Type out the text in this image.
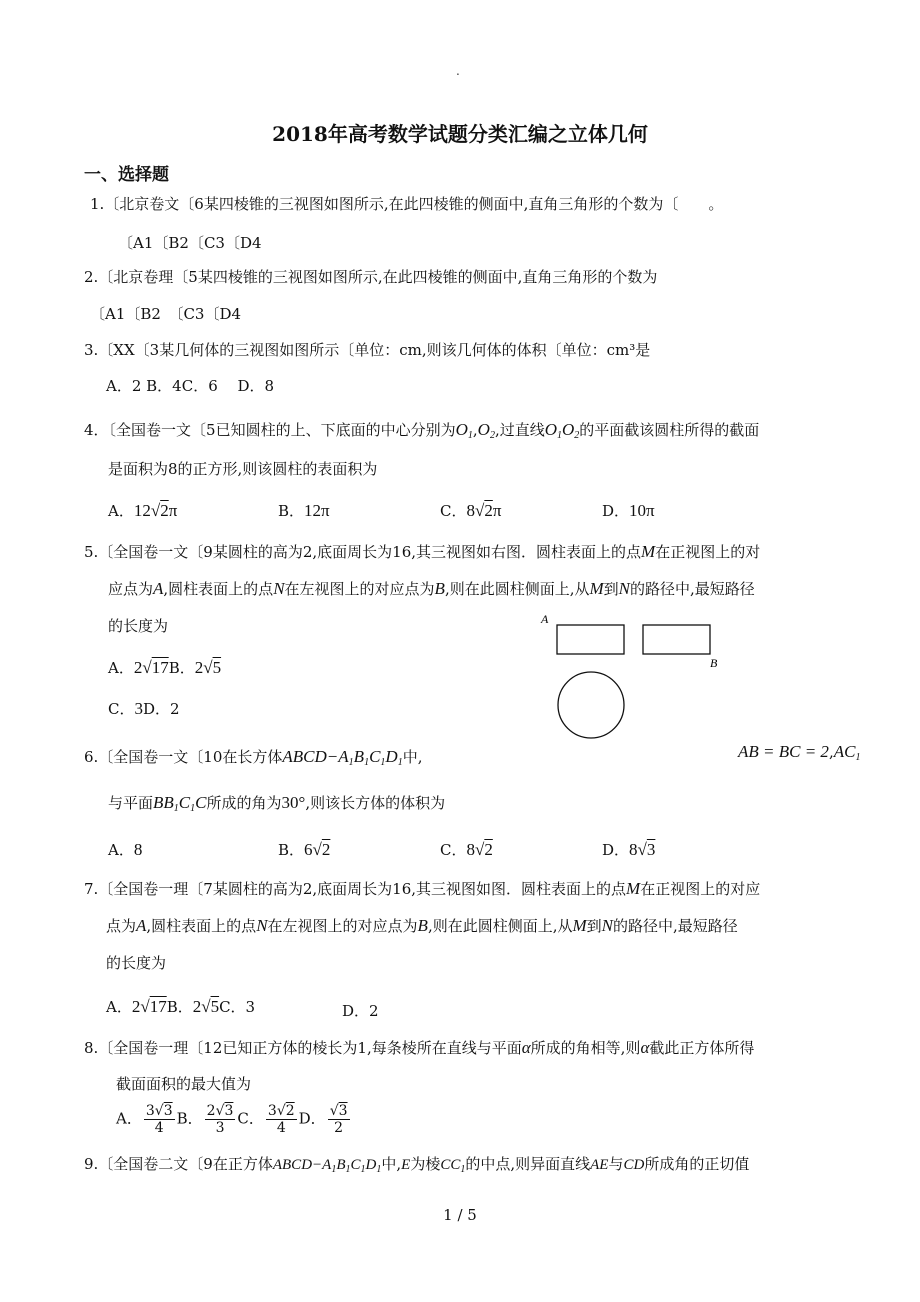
.
2018年高考数学试题分类汇编之立体几何
一、选择题
1.〔北京卷文〔6某四棱锥的三视图如图所示,在此四棱锥的侧面中,直角三角形的个数为〔　　。
〔A1〔B2〔C3〔D4
2.〔北京卷理〔5某四棱锥的三视图如图所示,在此四棱锥的侧面中,直角三角形的个数为
〔A1〔B2　〔C3〔D4
3.〔XX〔3某几何体的三视图如图所示〔单位：cm,则该几何体的体积〔单位：cm³是
A．2 B．4C．6　 D．8
4．〔全国卷一文〔5已知圆柱的上、下底面的中心分别为$O_1,O_2$,过直线$O_1O_2$的平面截该圆柱所得的截面
是面积为8的正方形,则该圆柱的表面积为
A．12√2π	B．12π	C．8√2π	D．10π
5.〔全国卷一文〔9某圆柱的高为2,底面周长为16,其三视图如右图．圆柱表面上的点M在正视图上的对
应点为A,圆柱表面上的点N在左视图上的对应点为B,则在此圆柱侧面上,从M到N的路径中,最短路径
的长度为
A．2√17B．2√5
C．3D．2
A
B
6.〔全国卷一文〔10在长方体$ABCD-A_1B_1C_1D_1$中,	AB = BC = $2,AC_1$
与平面$BB_1C_1C$所成的角为30°,则该长方体的体积为
A．8	B．6√2	C．8√2	D．8√3
7.〔全国卷一理〔7某圆柱的高为2,底面周长为16,其三视图如图．圆柱表面上的点M在正视图上的对应
点为A,圆柱表面上的点N在左视图上的对应点为B,则在此圆柱侧面上,从M到N的路径中,最短路径
的长度为
A．2√17B．2√5C．3	D．2
8.〔全国卷一理〔12已知正方体的棱长为1,每条棱所在直线与平面α所成的角相等,则α截此正方体所得
截面面积的最大值为
A． $\frac{3√3}{4}$ B． $\frac{2√3}{3}$ C． $\frac{3√2}{4}$ D． $\frac{√3}{2}$
9.〔全国卷二文〔9在正方体$ABCD-A_1B_1C_1D_1$中,E为棱$CC_1$的中点,则异面直线AE与CD所成角的正切值
1 / 5
